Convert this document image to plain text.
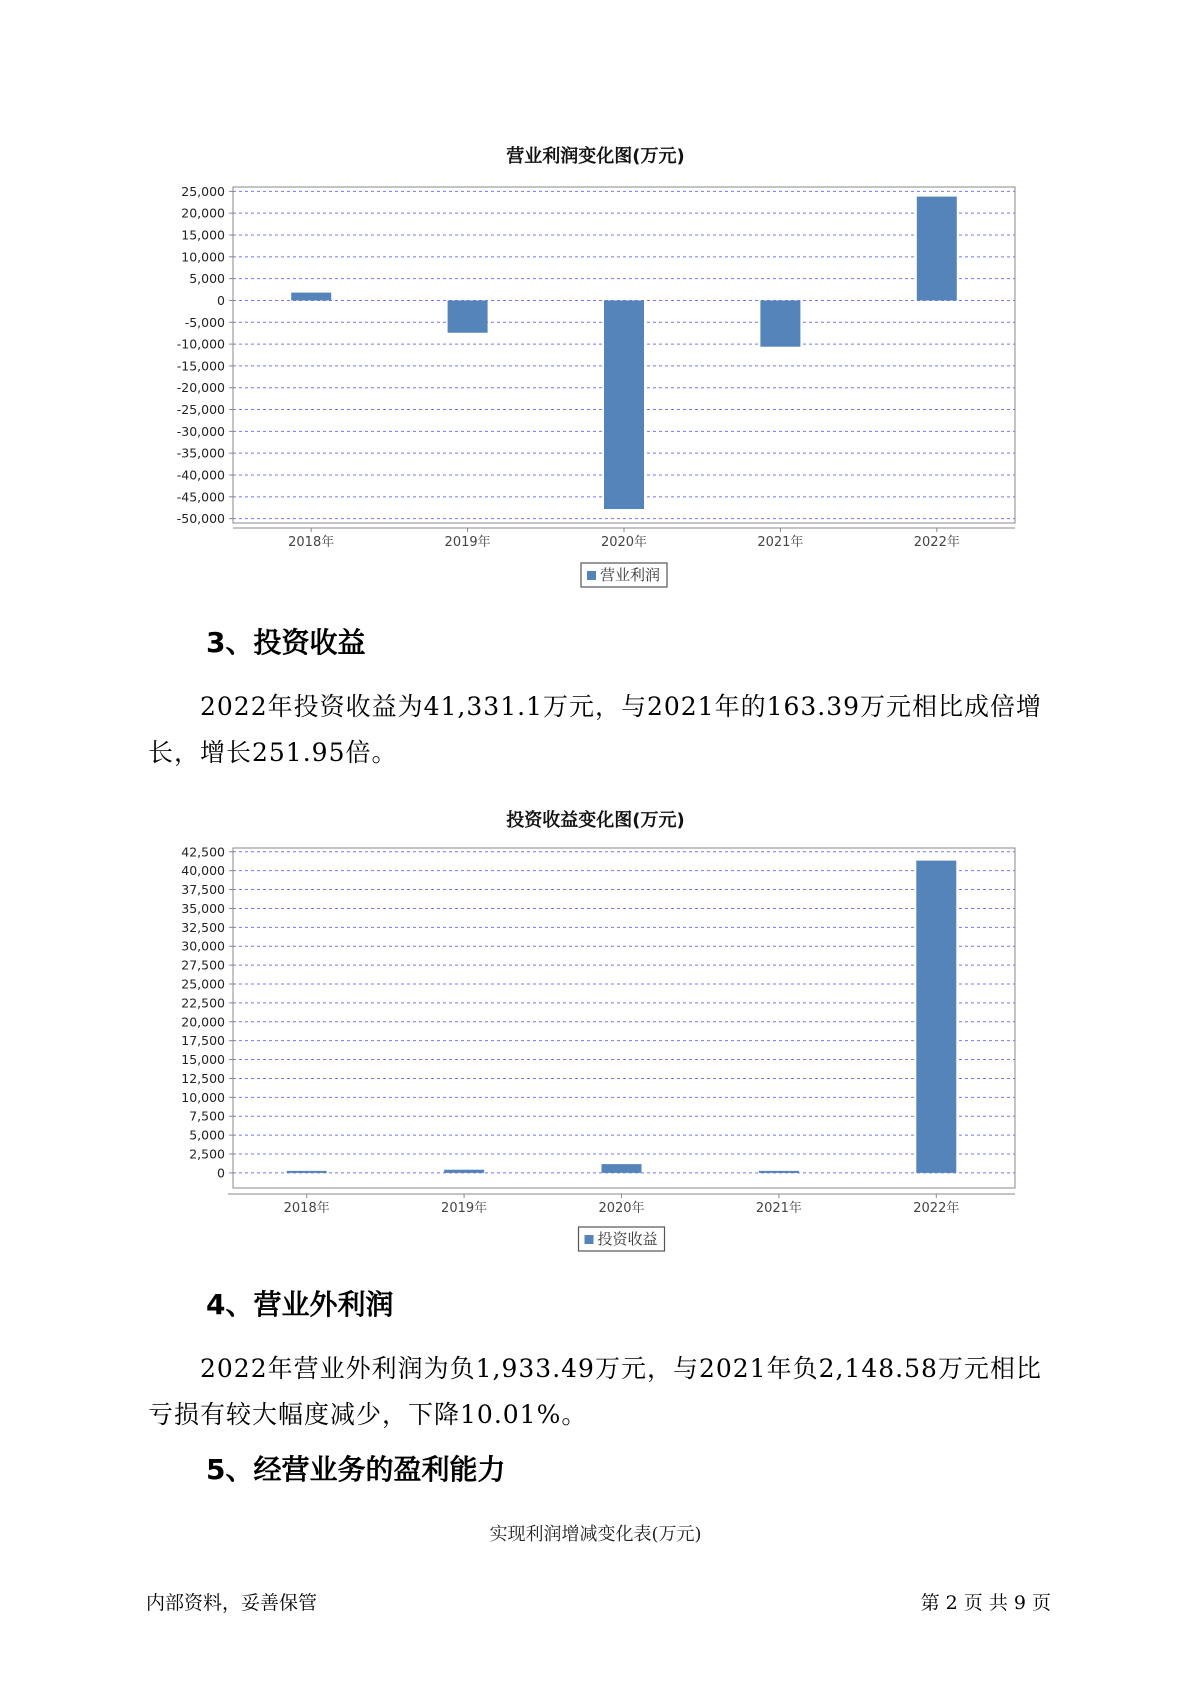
营业利润变化图(万元)
25,000
20,000
15,000
10,000
5,000
0
-5,000
-10,000
-15,000
-20,000
-25,000
-30,000
-35,000
-40,000
-45,000
-50,000
2018年	2019年	2020年	2021年	2022年
营业利润
3、投资收益
2022年投资收益为41,331.1万元，与2021年的163.39万元相比成倍增
长，增长251.95倍。
投资收益变化图(万元)
42,500
40,000
37,500
35,000
32,500
30,000
27,500
25,000
22,500
20,000
17,500
15,000
12,500
10,000
7,500
5,000
2,500
0
2018年	2019年	2020年	2021年	2022年
投资收益
4、营业外利润
2022年营业外利润为负1,933.49万元，与2021年负2,148.58万元相比
亏损有较大幅度减少，下降10.01%。
5、经营业务的盈利能力
实现利润增减变化表(万元)
内部资料，妥善保管	第 2 页 共 9 页
